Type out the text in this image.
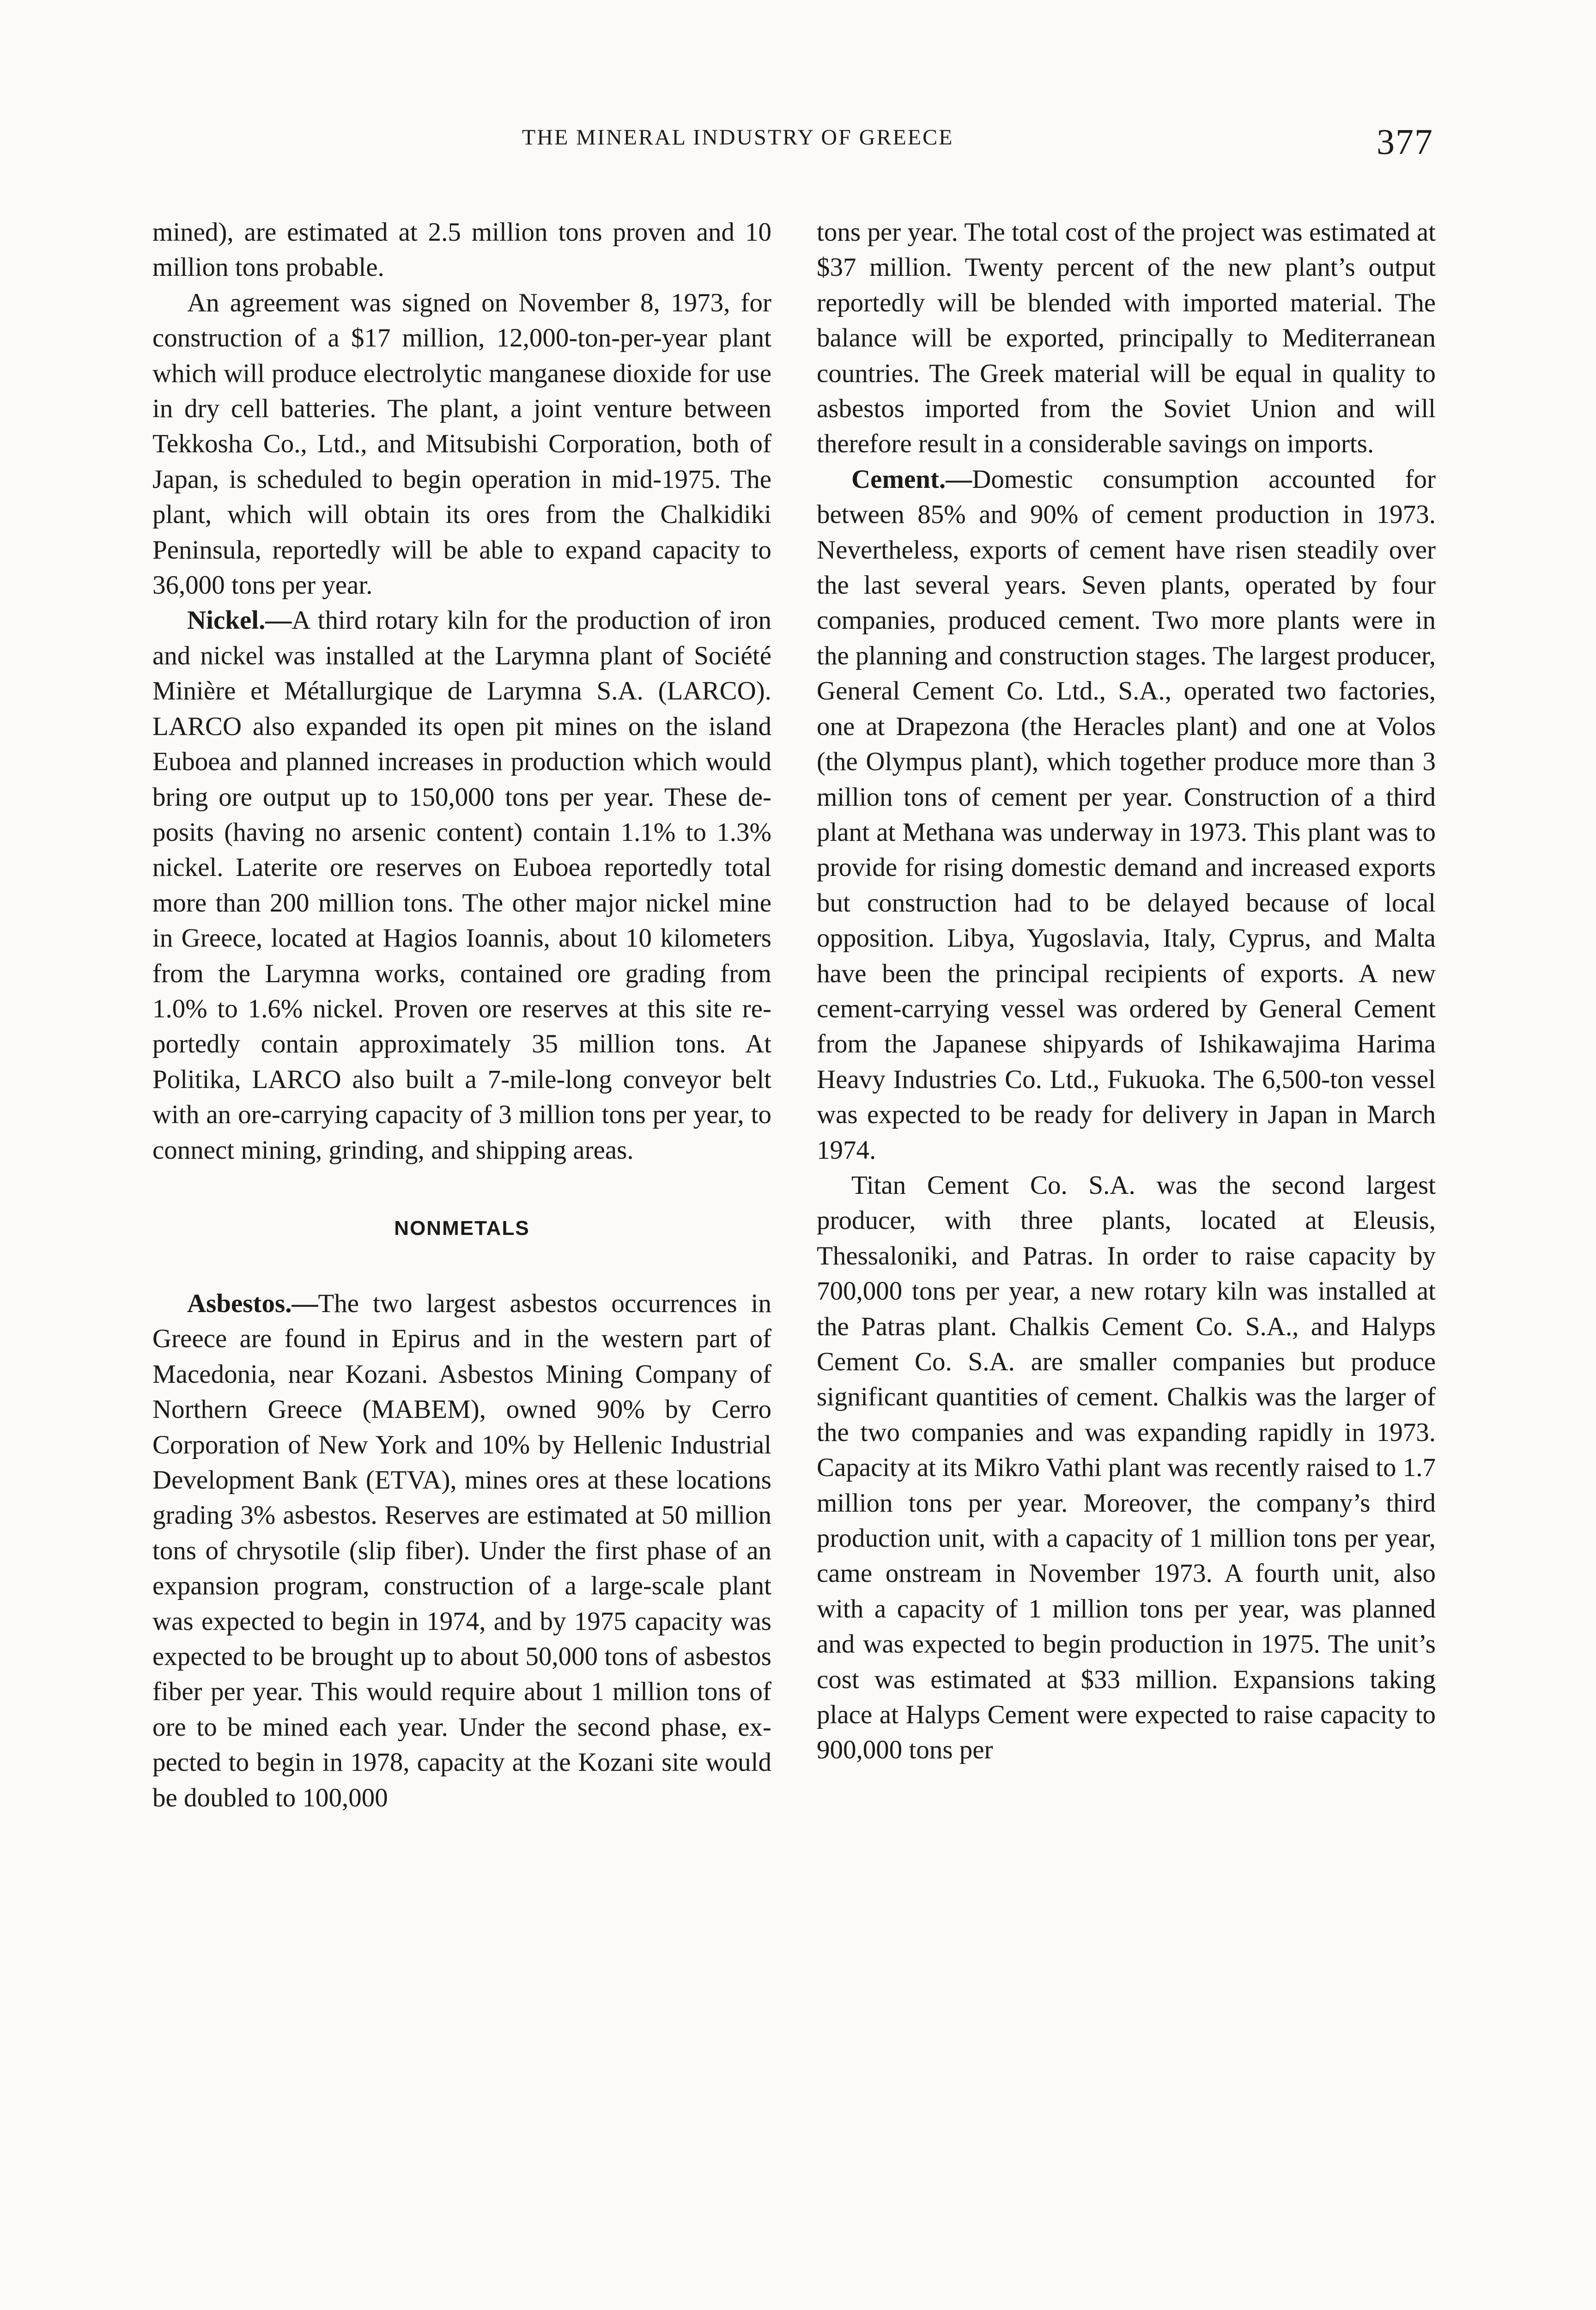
THE MINERAL INDUSTRY OF GREECE	377

mined), are estimated at 2.5 million tons proven and 10 million tons probable.

An agreement was signed on November 8, 1973, for construction of a $17 million, 12,000-ton-per-year plant which will produce electrolytic manganese dioxide for use in dry cell batteries. The plant, a joint venture between Tekkosha Co., Ltd., and Mitsubishi Corporation, both of Japan, is scheduled to begin operation in mid-1975. The plant, which will obtain its ores from the Chalkidiki Peninsula, reportedly will be able to expand capacity to 36,000 tons per year.

Nickel.—A third rotary kiln for the production of iron and nickel was installed at the Larymna plant of Société Minière et Métallurgique de Larymna S.A. (LARCO). LARCO also expanded its open pit mines on the island Euboea and planned increases in production which would bring ore output up to 150,000 tons per year. These deposits (having no arsenic content) contain 1.1% to 1.3% nickel. Laterite ore reserves on Euboea reportedly total more than 200 million tons. The other major nickel mine in Greece, located at Hagios Ioannis, about 10 kilometers from the Larymna works, contained ore grading from 1.0% to 1.6% nickel. Proven ore reserves at this site reportedly contain approximately 35 million tons. At Politika, LARCO also built a 7-mile-long conveyor belt with an ore-carrying capacity of 3 million tons per year, to connect mining, grinding, and shipping areas.

NONMETALS

Asbestos.—The two largest asbestos occurrences in Greece are found in Epirus and in the western part of Macedonia, near Kozani. Asbestos Mining Company of Northern Greece (MABEM), owned 90% by Cerro Corporation of New York and 10% by Hellenic Industrial Development Bank (ETVA), mines ores at these locations grading 3% asbestos. Reserves are estimated at 50 million tons of chrysotile (slip fiber). Under the first phase of an expansion program, construction of a large-scale plant was expected to begin in 1974, and by 1975 capacity was expected to be brought up to about 50,000 tons of asbestos fiber per year. This would require about 1 million tons of ore to be mined each year. Under the second phase, expected to begin in 1978, capacity at the Kozani site would be doubled to 100,000

tons per year. The total cost of the project was estimated at $37 million. Twenty percent of the new plant’s output reportedly will be blended with imported material. The balance will be exported, principally to Mediterranean countries. The Greek material will be equal in quality to asbestos imported from the Soviet Union and will therefore result in a considerable savings on imports.

Cement.—Domestic consumption accounted for between 85% and 90% of cement production in 1973. Nevertheless, exports of cement have risen steadily over the last several years. Seven plants, operated by four companies, produced cement. Two more plants were in the planning and construction stages. The largest producer, General Cement Co. Ltd., S.A., operated two factories, one at Drapezona (the Heracles plant) and one at Volos (the Olympus plant), which together produce more than 3 million tons of cement per year. Construction of a third plant at Methana was underway in 1973. This plant was to provide for rising domestic demand and increased exports but construction had to be delayed because of local opposition. Libya, Yugoslavia, Italy, Cyprus, and Malta have been the principal recipients of exports. A new cement-carrying vessel was ordered by General Cement from the Japanese shipyards of Ishikawajima Harima Heavy Industries Co. Ltd., Fukuoka. The 6,500-ton vessel was expected to be ready for delivery in Japan in March 1974.

Titan Cement Co. S.A. was the second largest producer, with three plants, located at Eleusis, Thessaloniki, and Patras. In order to raise capacity by 700,000 tons per year, a new rotary kiln was installed at the Patras plant. Chalkis Cement Co. S.A., and Halyps Cement Co. S.A. are smaller companies but produce significant quantities of cement. Chalkis was the larger of the two companies and was expanding rapidly in 1973. Capacity at its Mikro Vathi plant was recently raised to 1.7 million tons per year. Moreover, the company’s third production unit, with a capacity of 1 million tons per year, came onstream in November 1973. A fourth unit, also with a capacity of 1 million tons per year, was planned and was expected to begin production in 1975. The unit’s cost was estimated at $33 million. Expansions taking place at Halyps Cement were expected to raise capacity to 900,000 tons per
